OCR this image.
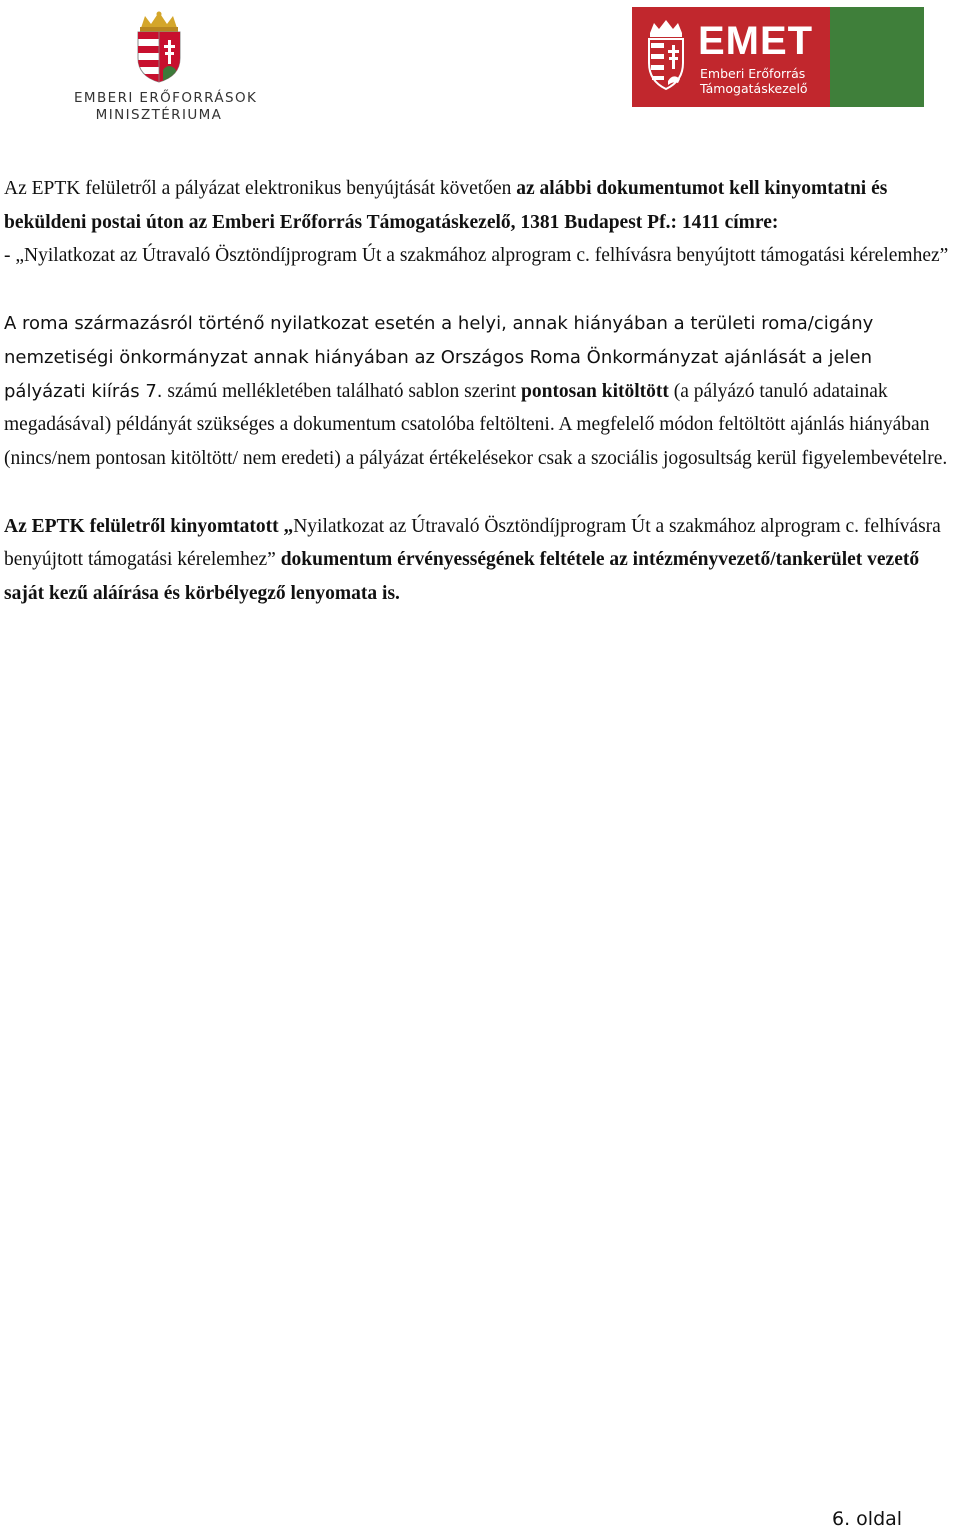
EMBERI ERŐFORRÁSOK
MINISZTÉRIUMA
EMET
Emberi Erőforrás
Támogatáskezelő

Az EPTK felületről a pályázat elektronikus benyújtását követően az alábbi dokumentumot kell kinyomtatni és beküldeni postai úton az Emberi Erőforrás Támogatáskezelő, 1381 Budapest Pf.: 1411 címre:

- „Nyilatkozat az Útravaló Ösztöndíjprogram Út a szakmához alprogram c. felhívásra benyújtott támogatási kérelemhez”

A roma származásról történő nyilatkozat esetén a helyi, annak hiányában a területi roma/cigány nemzetiségi önkormányzat annak hiányában az Országos Roma Önkormányzat ajánlását a jelen pályázati kiírás 7. számú mellékletében található sablon szerint pontosan kitöltött (a pályázó tanuló adatainak megadásával) példányát szükséges a dokumentum csatolóba feltölteni. A megfelelő módon feltöltött ajánlás hiányában (nincs/nem pontosan kitöltött/ nem eredeti) a pályázat értékelésekor csak a szociális jogosultság kerül figyelembevételre.

Az EPTK felületről kinyomtatott „Nyilatkozat az Útravaló Ösztöndíjprogram Út a szakmához alprogram c. felhívásra benyújtott támogatási kérelemhez” dokumentum érvényességének feltétele az intézményvezető/tankerület vezető saját kezű aláírása és körbélyegző lenyomata is.

6. oldal
